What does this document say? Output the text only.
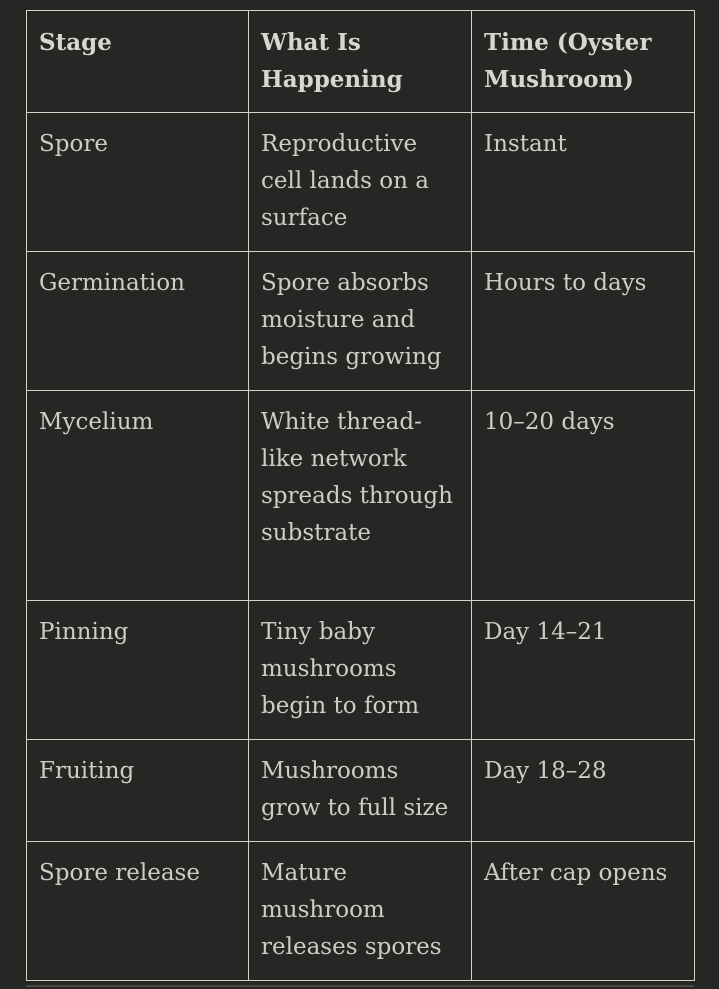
Stage	What Is Happening	Time (Oyster Mushroom)
Spore	Reproductive cell lands on a surface	Instant
Germination	Spore absorbs moisture and begins growing	Hours to days
Mycelium	White thread-like network spreads through substrate	10–20 days
Pinning	Tiny baby mushrooms begin to form	Day 14–21
Fruiting	Mushrooms grow to full size	Day 18–28
Spore release	Mature mushroom releases spores	After cap opens
